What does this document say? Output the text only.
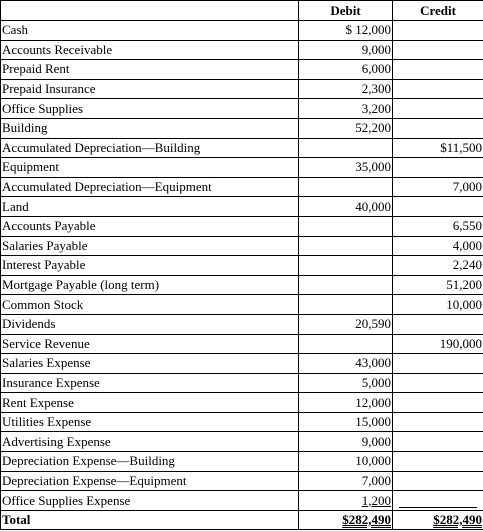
	Debit	Credit
Cash	$ 12,000	
Accounts Receivable	9,000	
Prepaid Rent	6,000	
Prepaid Insurance	2,300	
Office Supplies	3,200	
Building	52,200	
Accumulated Depreciation—Building		$11,500
Equipment	35,000	
Accumulated Depreciation—Equipment		7,000
Land	40,000	
Accounts Payable		6,550
Salaries Payable		4,000
Interest Payable		2,240
Mortgage Payable (long term)		51,200
Common Stock		10,000
Dividends	20,590	
Service Revenue		190,000
Salaries Expense	43,000	
Insurance Expense	5,000	
Rent Expense	12,000	
Utilities Expense	15,000	
Advertising Expense	9,000	
Depreciation Expense—Building	10,000	
Depreciation Expense—Equipment	7,000	
Office Supplies Expense	1,200	

Total	$282,490	$282,490
